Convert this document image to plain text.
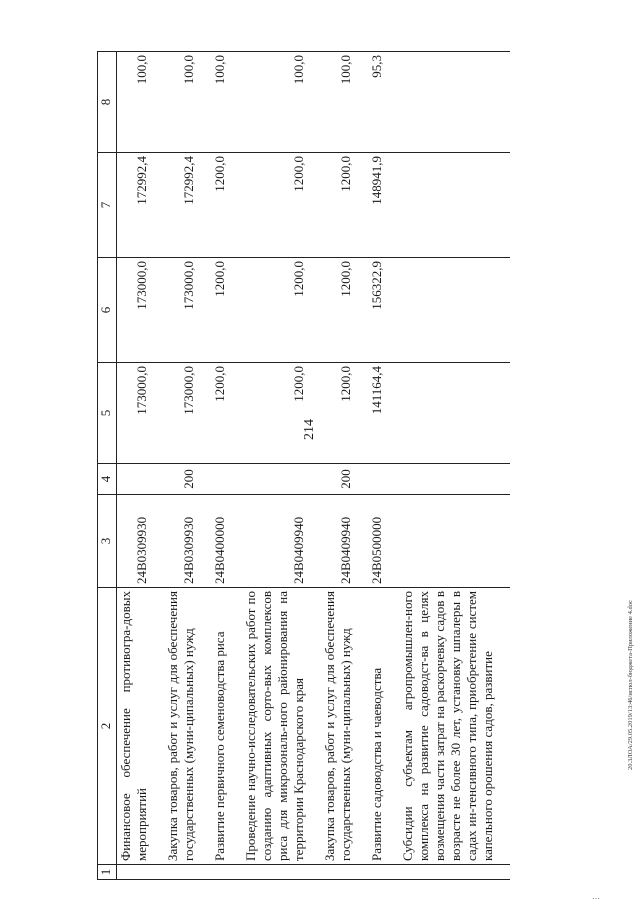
214
20.3ЛОА/29.05.2019/13:46/испол-бюджета-Приложение 4.doc
…
1	2	3	4	5	6	7	8
	Финансовое обеспечение противогра-довых мероприятий	24В0309930		173000,0	173000,0	172992,4	100,0
	Закупка товаров, работ и услуг для обеспечения государственных (муни-ципальных) нужд	24В0309930	200	173000,0	173000,0	172992,4	100,0
	Развитие первичного семеноводства риса	24В0400000		1200,0	1200,0	1200,0	100,0
	Проведение научно-исследовательских работ по созданию адаптивных сорто-вых комплексов риса для микрозональ-ного районирования на территории Краснодарского края	24В0409940		1200,0	1200,0	1200,0	100,0
	Закупка товаров, работ и услуг для обеспечения государственных (муни-ципальных) нужд	24В0409940	200	1200,0	1200,0	1200,0	100,0
	Развитие садоводства и чаеводства	24В0500000		141164,4	156322,9	148941,9	95,3
	Субсидии субъектам агропромышлен-ного комплекса на развитие садоводст-ва в целях возмещения части затрат на раскорчевку садов в возрасте не более 30 лет, установку шпалеры в садах ин-тенсивного типа, приобретение систем капельного орошения садов, развитие						
